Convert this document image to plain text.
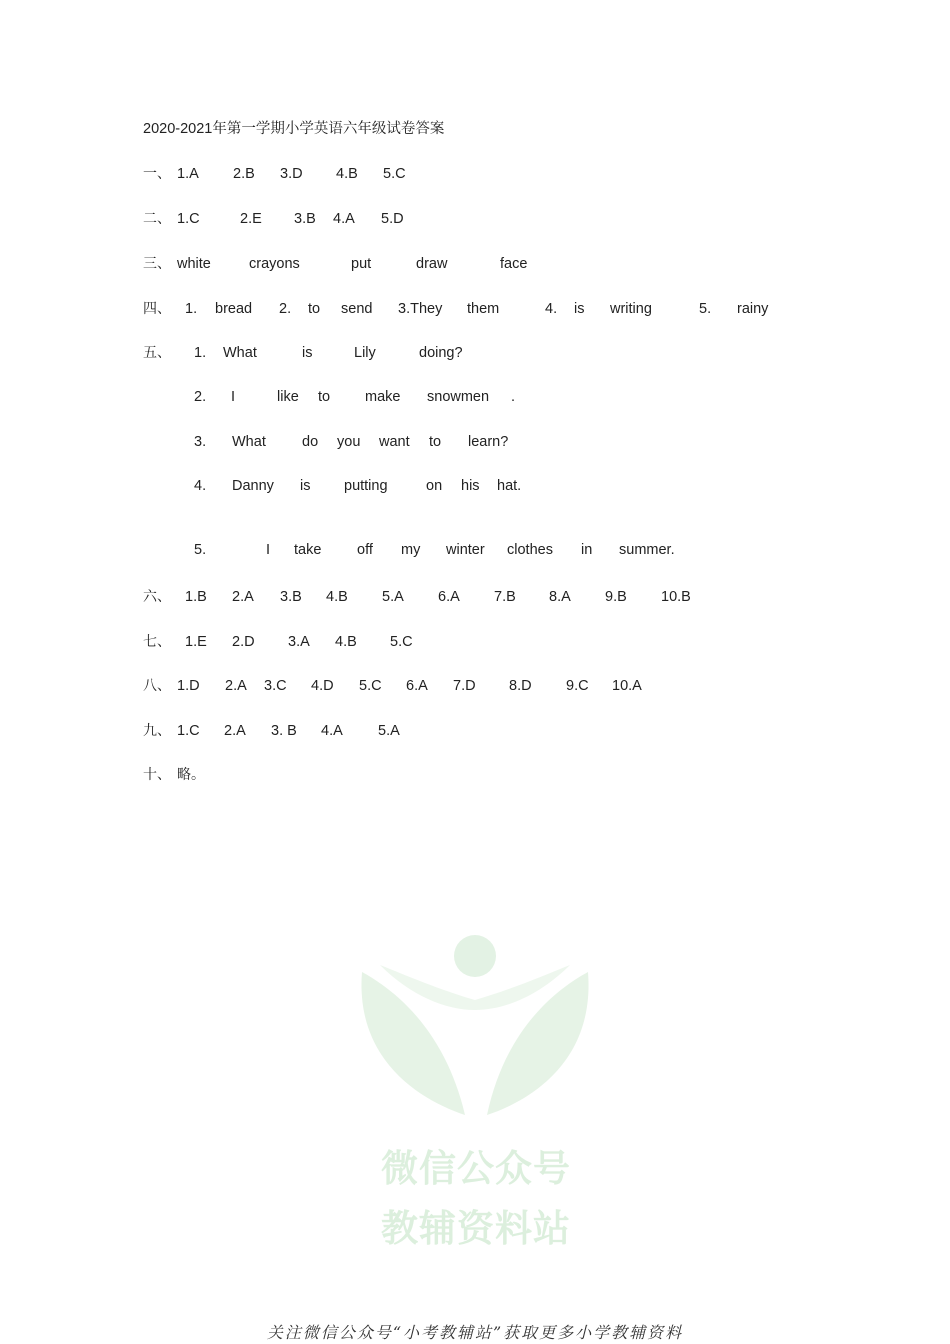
微信公众号
教辅资料站
2020-2021年第一学期小学英语六年级试卷答案
一、 1.A 2.B 3.D 4.B 5.C
二、 1.C	2.E 3.B 4.A 5.D
三、 white	crayons	put	draw	face
四、 1. bread 2. to send 3.They them	4. is writing	5. rainy
五、 1. What	is	Lily	doing?
2. I	like to make snowmen .
3. What do you want to learn?
4. Danny is putting	on his hat.
5.	I take off my winter clothes in summer.
六、 1.B 2.A 3.B 4.B 5.A 6.A 7.B 8.A 9.B 10.B
七、 1.E 2.D 3.A 4.B 5.C
八、 1.D 2.A 3.C 4.D 5.C 6.A 7.D 8.D 9.C 10.A
九、 1.C 2.A 3. B 4.A 5.A
十、 略。
关注微信公众号“小考教辅站”获取更多小学教辅资料
